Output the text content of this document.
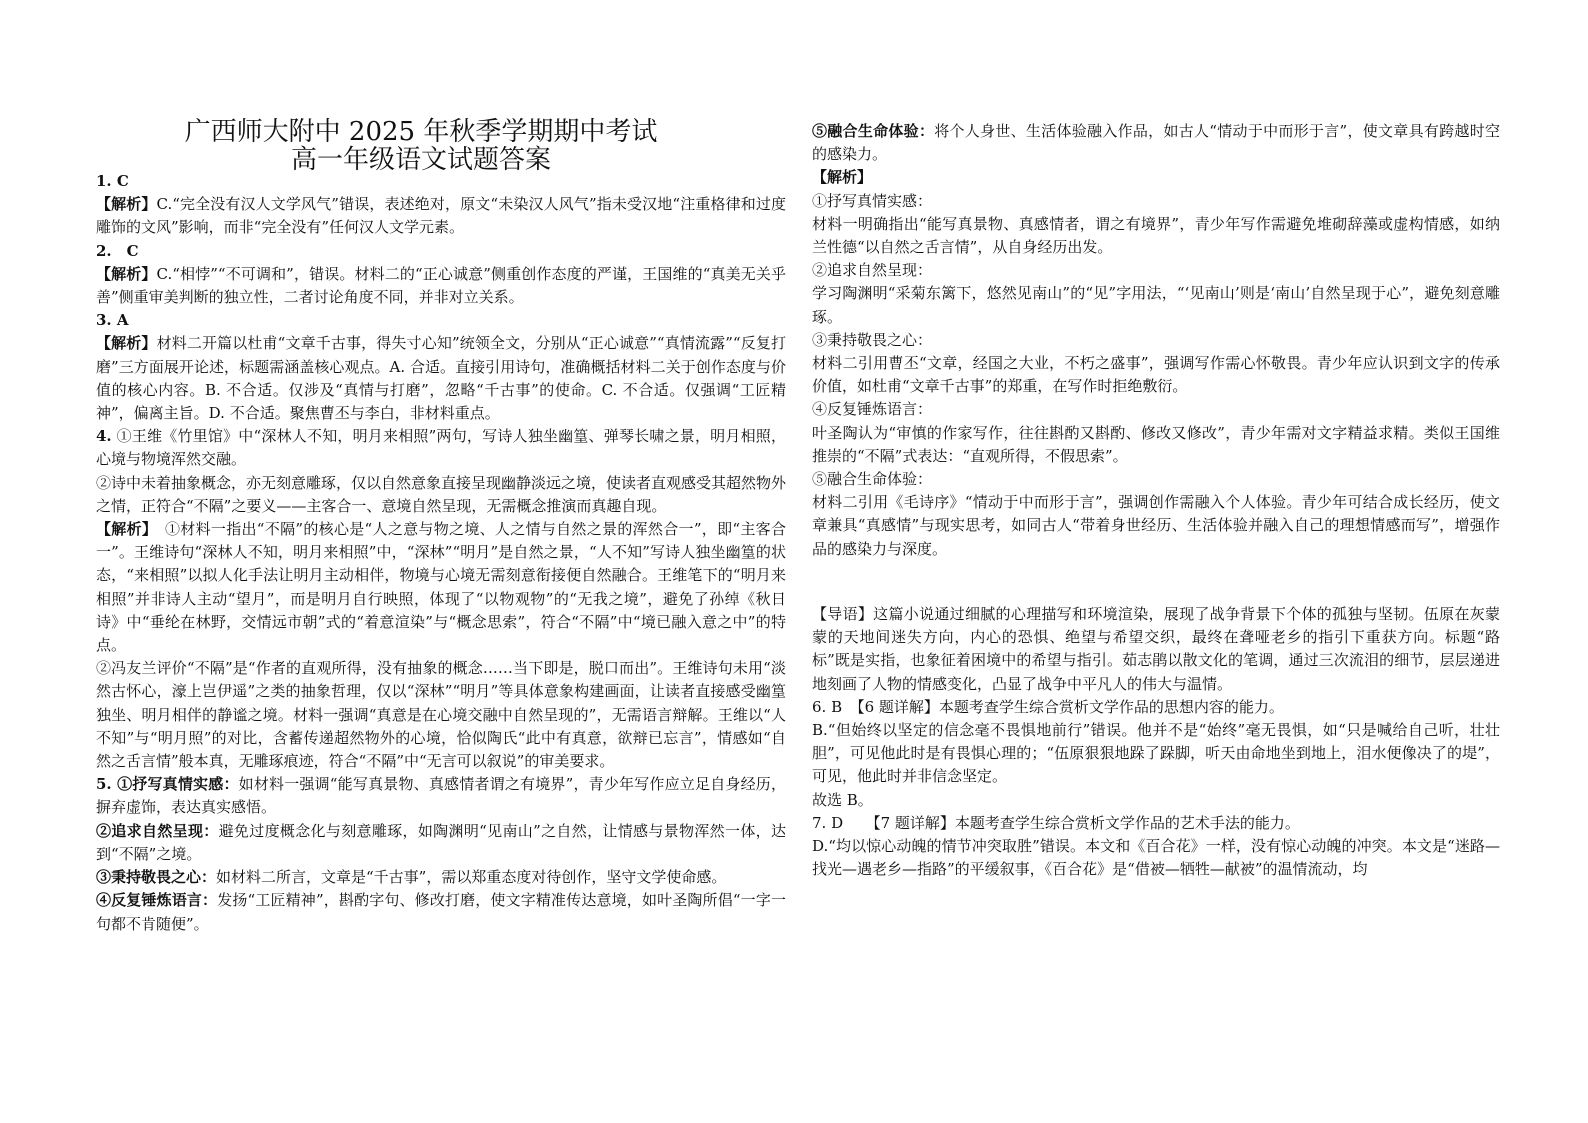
广西师大附中 2025 年秋季学期期中考试
高一年级语文试题答案

1. C

【解析】C.“完全没有汉人文学风气”错误，表述绝对，原文“未染汉人风气”指未受汉地“注重格律和过度雕饰的文风”影响，而非“完全没有”任何汉人文学元素。

2.　C

【解析】C.“相悖”“不可调和”，错误。材料二的“正心诚意”侧重创作态度的严谨，王国维的“真美无关乎善”侧重审美判断的独立性，二者讨论角度不同，并非对立关系。

3. A

【解析】材料二开篇以杜甫“文章千古事，得失寸心知”统领全文，分别从“正心诚意”“真情流露”“反复打磨”三方面展开论述，标题需涵盖核心观点。A. 合适。直接引用诗句，准确概括材料二关于创作态度与价值的核心内容。B. 不合适。仅涉及“真情与打磨”，忽略“千古事”的使命。C. 不合适。仅强调“工匠精神”，偏离主旨。D. 不合适。聚焦曹丕与李白，非材料重点。

4. ①王维《竹里馆》中“深林人不知，明月来相照”两句，写诗人独坐幽篁、弹琴长啸之景，明月相照，心境与物境浑然交融。

②诗中未着抽象概念，亦无刻意雕琢，仅以自然意象直接呈现幽静淡远之境，使读者直观感受其超然物外之情，正符合“不隔”之要义——主客合一、意境自然呈现，无需概念推演而真趣自现。

【解析】　①材料一指出“不隔”的核心是“人之意与物之境、人之情与自然之景的浑然合一”，即“主客合一”。王维诗句“深林人不知，明月来相照”中，“深林”“明月”是自然之景，“人不知”写诗人独坐幽篁的状态，“来相照”以拟人化手法让明月主动相伴，物境与心境无需刻意衔接便自然融合。王维笔下的“明月来相照”并非诗人主动“望月”，而是明月自行映照，体现了“以物观物”的“无我之境”，避免了孙绰《秋日诗》中“垂纶在林野，交情远市朝”式的“着意渲染”与“概念思索”，符合“不隔”中“境已融入意之中”的特点。

②冯友兰评价“不隔”是“作者的直观所得，没有抽象的概念……当下即是，脱口而出”。王维诗句未用“淡然古怀心，濠上岂伊遥”之类的抽象哲理，仅以“深林”“明月”等具体意象构建画面，让读者直接感受幽篁独坐、明月相伴的静谧之境。材料一强调“真意是在心境交融中自然呈现的”，无需语言辩解。王维以“人不知”与“明月照”的对比，含蓄传递超然物外的心境，恰似陶氏“此中有真意，欲辩已忘言”，情感如“自然之舌言情”般本真，无雕琢痕迹，符合“不隔”中“无言可以叙说”的审美要求。

5. ①抒写真情实感：如材料一强调“能写真景物、真感情者谓之有境界”，青少年写作应立足自身经历，摒弃虚饰，表达真实感悟。

②追求自然呈现：避免过度概念化与刻意雕琢，如陶渊明“见南山”之自然，让情感与景物浑然一体，达到“不隔”之境。

③秉持敬畏之心：如材料二所言，文章是“千古事”，需以郑重态度对待创作，坚守文学使命感。

④反复锤炼语言：发扬“工匠精神”，斟酌字句、修改打磨，使文字精准传达意境，如叶圣陶所倡“一字一句都不肯随便”。

⑤融合生命体验：将个人身世、生活体验融入作品，如古人“情动于中而形于言”，使文章具有跨越时空的感染力。

【解析】

①抒写真情实感：

材料一明确指出“能写真景物、真感情者，谓之有境界”，青少年写作需避免堆砌辞藻或虚构情感，如纳兰性德“以自然之舌言情”，从自身经历出发。

②追求自然呈现：

学习陶渊明“采菊东篱下，悠然见南山”的“见”字用法，“‘见南山’则是‘南山’自然呈现于心”，避免刻意雕琢。

③秉持敬畏之心：

材料二引用曹丕“文章，经国之大业，不朽之盛事”，强调写作需心怀敬畏。青少年应认识到文字的传承价值，如杜甫“文章千古事”的郑重，在写作时拒绝敷衍。

④反复锤炼语言：

叶圣陶认为“审慎的作家写作，往往斟酌又斟酌、修改又修改”，青少年需对文字精益求精。类似王国维推崇的“不隔”式表达：“直观所得，不假思索”。

⑤融合生命体验：

材料二引用《毛诗序》“情动于中而形于言”，强调创作需融入个人体验。青少年可结合成长经历，使文章兼具“真感情”与现实思考，如同古人“带着身世经历、生活体验并融入自己的理想情感而写”，增强作品的感染力与深度。

【导语】这篇小说通过细腻的心理描写和环境渲染，展现了战争背景下个体的孤独与坚韧。伍原在灰蒙蒙的天地间迷失方向，内心的恐惧、绝望与希望交织，最终在聋哑老乡的指引下重获方向。标题“路标”既是实指，也象征着困境中的希望与指引。茹志鹃以散文化的笔调，通过三次流泪的细节，层层递进地刻画了人物的情感变化，凸显了战争中平凡人的伟大与温情。

6. B　【6 题详解】本题考查学生综合赏析文学作品的思想内容的能力。

B.“但始终以坚定的信念毫不畏惧地前行”错误。他并不是“始终”毫无畏惧，如“只是喊给自己听，壮壮胆”，可见他此时是有畏惧心理的；“伍原狠狠地跺了跺脚，听天由命地坐到地上，泪水便像决了的堤”，可见，他此时并非信念坚定。

故选 B。

7. D　　【7 题详解】本题考查学生综合赏析文学作品的艺术手法的能力。

D.“均以惊心动魄的情节冲突取胜”错误。本文和《百合花》一样，没有惊心动魄的冲突。本文是“迷路—找光—遇老乡—指路”的平缓叙事，《百合花》是“借被—牺牲—献被”的温情流动，均
